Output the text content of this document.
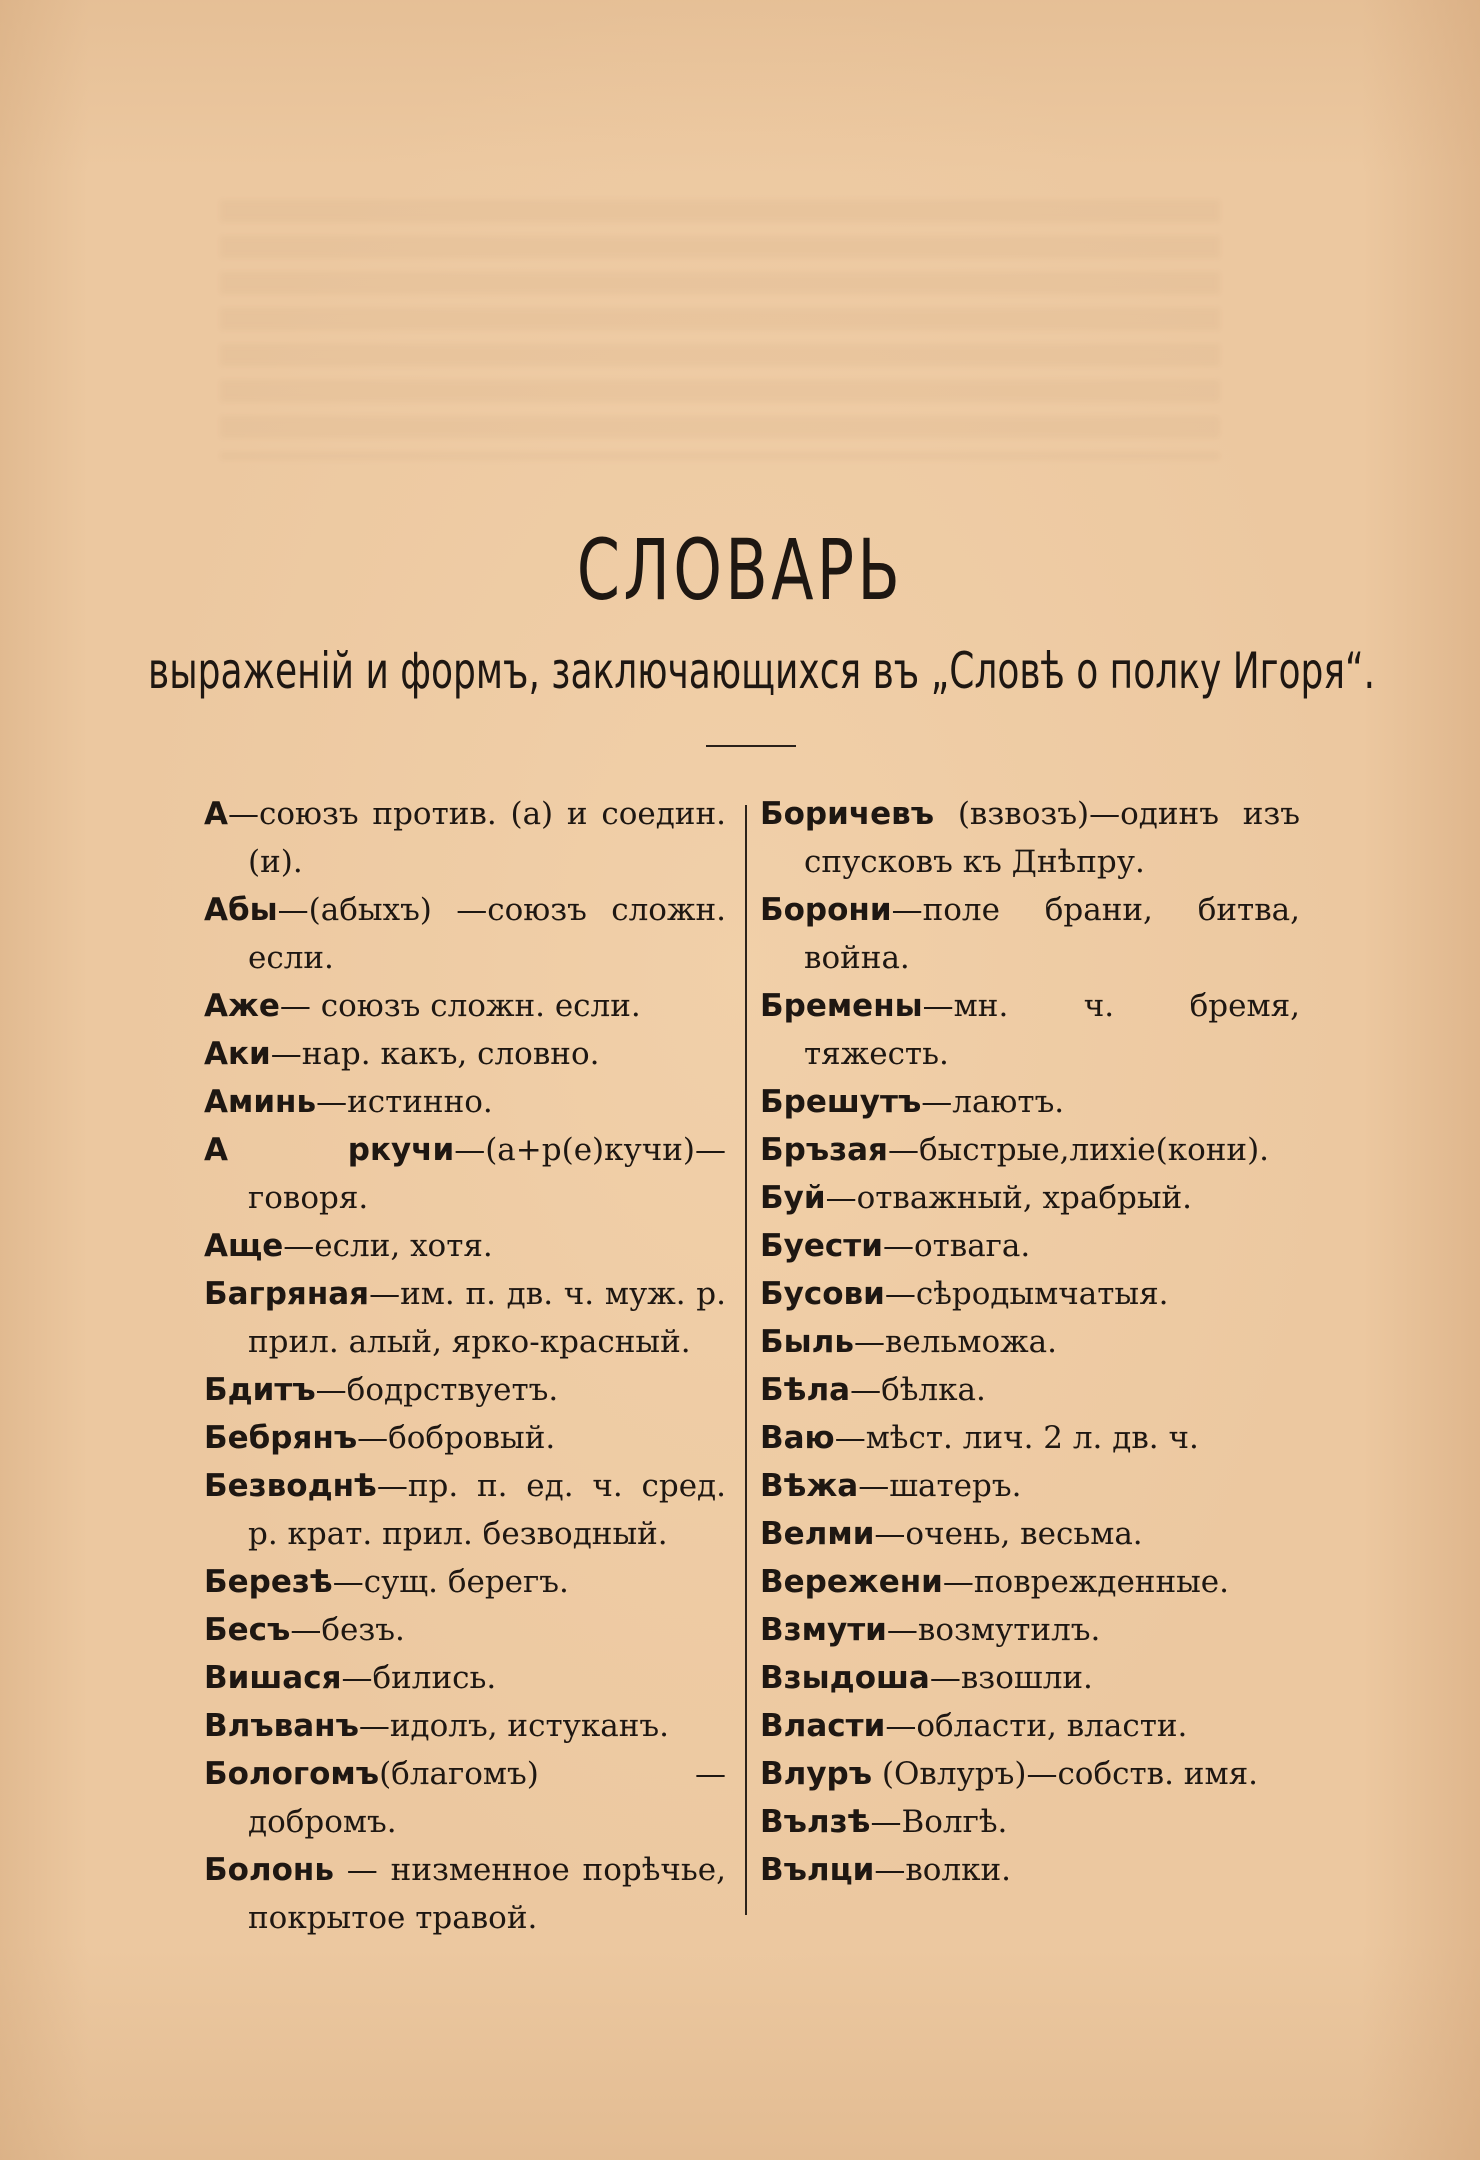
СЛОВАРЬ
выраженій и формъ, заключающихся въ „Словѣ о полку Игоря“.
А—союзъ против. (а) и соедин. (и).
Абы—(абыхъ) —союзъ сложн. если.
Аже— союзъ сложн. если.
Аки—нар. какъ, словно.
Аминь—истинно.
А ркучи—(а+р(е)кучи)—говоря.
Аще—если, хотя.
Багряная—им. п. дв. ч. муж. р. прил. алый, ярко-красный.
Бдитъ—бодрствуетъ.
Бебрянъ—бобровый.
Безводнѣ—пр. п. ед. ч. сред. р. крат. прил. безводный.
Березѣ—сущ. берегъ.
Бесъ—безъ.
Вишася—бились.
Влъванъ—идолъ, истуканъ.
Бологомъ(благомъ) —добромъ.
Болонь — низменное порѣчье, покрытое травой.
Боричевъ (взвозъ)—одинъ изъ спусковъ къ Днѣпру.
Борони—поле брани, битва, война.
Бремены—мн. ч. бремя, тяжесть.
Брешутъ—лаютъ.
Бръзая—быстрые,лихіе(кони).
Буй—отважный, храбрый.
Буести—отвага.
Бусови—сѣродымчатыя.
Быль—вельможа.
Бѣла—бѣлка.
Ваю—мѣст. лич. 2 л. дв. ч.
Вѣжа—шатеръ.
Велми—очень, весьма.
Вережени—поврежденные.
Взмути—возмутилъ.
Взыдоша—взошли.
Власти—области, власти.
Влуръ (Овлуръ)—собств. имя.
Вълзѣ—Волгѣ.
Вълци—волки.
